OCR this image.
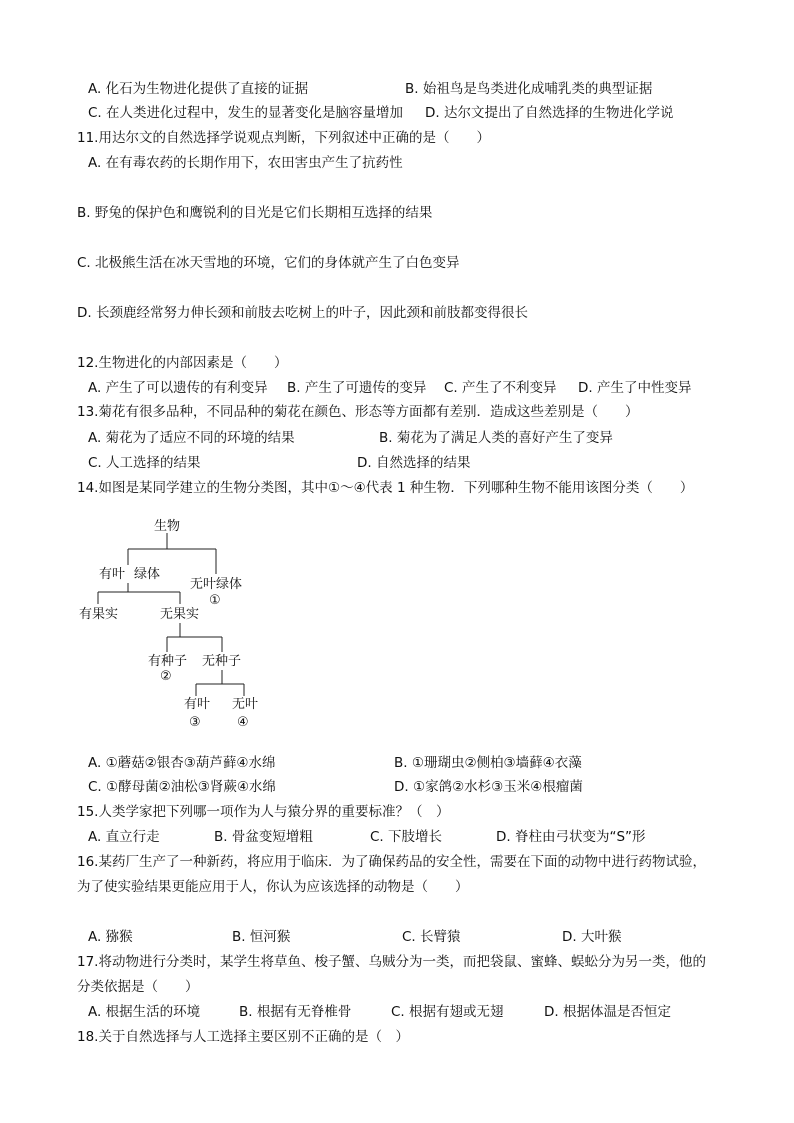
A. 化石为生物进化提供了直接的证据	B. 始祖鸟是鸟类进化成哺乳类的典型证据
C. 在人类进化过程中，发生的显著变化是脑容量增加 D. 达尔文提出了自然选择的生物进化学说
11.用达尔文的自然选择学说观点判断，下列叙述中正确的是（　　）
A. 在有毒农药的长期作用下，农田害虫产生了抗药性
B. 野兔的保护色和鹰锐利的目光是它们长期相互选择的结果
C. 北极熊生活在冰天雪地的环境，它们的身体就产生了白色变异
D. 长颈鹿经常努力伸长颈和前肢去吃树上的叶子，因此颈和前肢都变得很长
12.生物进化的内部因素是（　　）
A. 产生了可以遗传的有利变异 B. 产生了可遗传的变异 C. 产生了不利变异 D. 产生了中性变异
13.菊花有很多品种，不同品种的菊花在颜色、形态等方面都有差别．造成这些差别是（　　）
A. 菊花为了适应不同的环境的结果	B. 菊花为了满足人类的喜好产生了变异
C. 人工选择的结果	D. 自然选择的结果
14.如图是某同学建立的生物分类图，其中①～④代表 1 种生物．下列哪种生物不能用该图分类（　　）
生物
有叶 绿体
无叶绿体
①
有果实	无果实
有种子
②
无种子
有叶
③
无叶
④
A. ①蘑菇②银杏③葫芦藓④水绵	B. ①珊瑚虫②侧柏③墙藓④衣藻
C. ①酵母菌②油松③肾蕨④水绵	D. ①家鸽②水杉③玉米④根瘤菌
15.人类学家把下列哪一项作为人与猿分界的重要标准？（　）
A. 直立行走	B. 骨盆变短增粗	C. 下肢增长	D. 脊柱由弓状变为“S”形
16.某药厂生产了一种新药，将应用于临床．为了确保药品的安全性，需要在下面的动物中进行药物试验，
为了使实验结果更能应用于人，你认为应该选择的动物是（　　）
A. 猕猴	B. 恒河猴	C. 长臂猿	D. 大叶猴
17.将动物进行分类时，某学生将草鱼、梭子蟹、乌贼分为一类，而把袋鼠、蜜蜂、蜈蚣分为另一类，他的
分类依据是（　　）
A. 根据生活的环境	B. 根据有无脊椎骨	C. 根据有翅或无翅	D. 根据体温是否恒定
18.关于自然选择与人工选择主要区别不正确的是（　）
